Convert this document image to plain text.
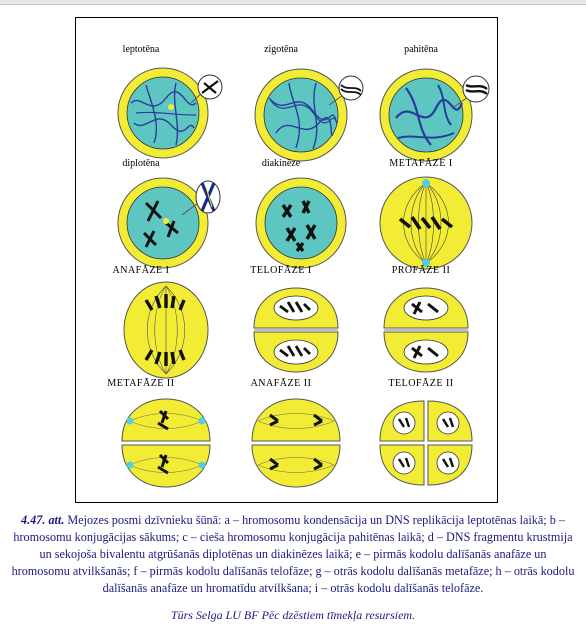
leptotēna	zigotēna	pahitēna
diplotēna	diakinēze	METAFĀZE I
ANAFĀZE I	TELOFĀZE I	PROFĀZE II
METAFĀZE II	ANAFĀZE II	TELOFĀZE II
4.47. att. Mejozes posmi dzīvnieku šūnā: a – hromosomu kondensācija un DNS replikācija leptotēnas laikā; b – hromosomu konjugācijas sākums; c – cieša hromosomu konjugācija pahitēnas laikā; d – DNS fragmentu krustmija un sekojoša bivalentu atgrūšanās diplotēnas un diakinēzes laikā; e – pirmās kodolu dalīšanās anafāze un hromosomu atvilkšanās; f – pirmās kodolu dalīšanās telofāze; g – otrās kodolu dalīšanās metafāze; h – otrās kodolu dalīšanās anafāze un hromatīdu atvilkšana; i – otrās kodolu dalīšanās telofāze.
Tūrs Selga LU BF Pēc dzēstiem tīmekļa resursiem.
